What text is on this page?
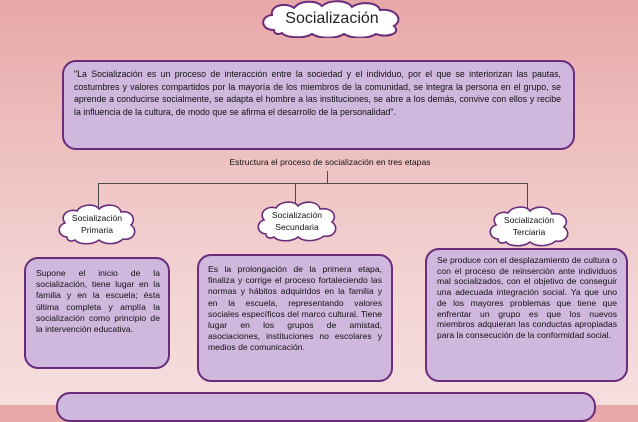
Socialización
"La Socialización es un proceso de interacción entre la sociedad y el individuo, por el que se interiorizan las pautas, costumbres y valores compartidos por la mayoría de los miembros de la comunidad, se integra la persona en el grupo, se aprende a conducirse socialmente, se adapta el hombre a las instituciones, se abre a los demás, convive con ellos y recibe la influencia de la cultura, de modo que se afirma el desarrollo de la personalidad".
Estructura el proceso de socialización en tres etapas
Socialización Primaria
Socialización Secundaria
Socialización Terciaria
Supone el inicio de la socialización, tiene lugar en la familia y en la escuela; ésta última completa y amplía la socialización como principio de la intervención educativa.
Es la prolongación de la primera etapa, finaliza y corrige el proceso fortaleciendo las normas y hábitos adquiridos en la familia y en la escuela, representando valores sociales específicos del marco cultural. Tiene lugar en los grupos de amistad, asociaciones, instituciones no escolares y medios de comunicación.
Se produce con el desplazamiento de cultura o con el proceso de reinserción ante individuos mal socializados, con el objetivo de conseguir una adecuada integración social. Ya que uno de los mayores problemas que tiene que enfrentar un grupo es que los nuevos miembros adquieran las conductas apropiadas para la consecución de la conformidad social.
